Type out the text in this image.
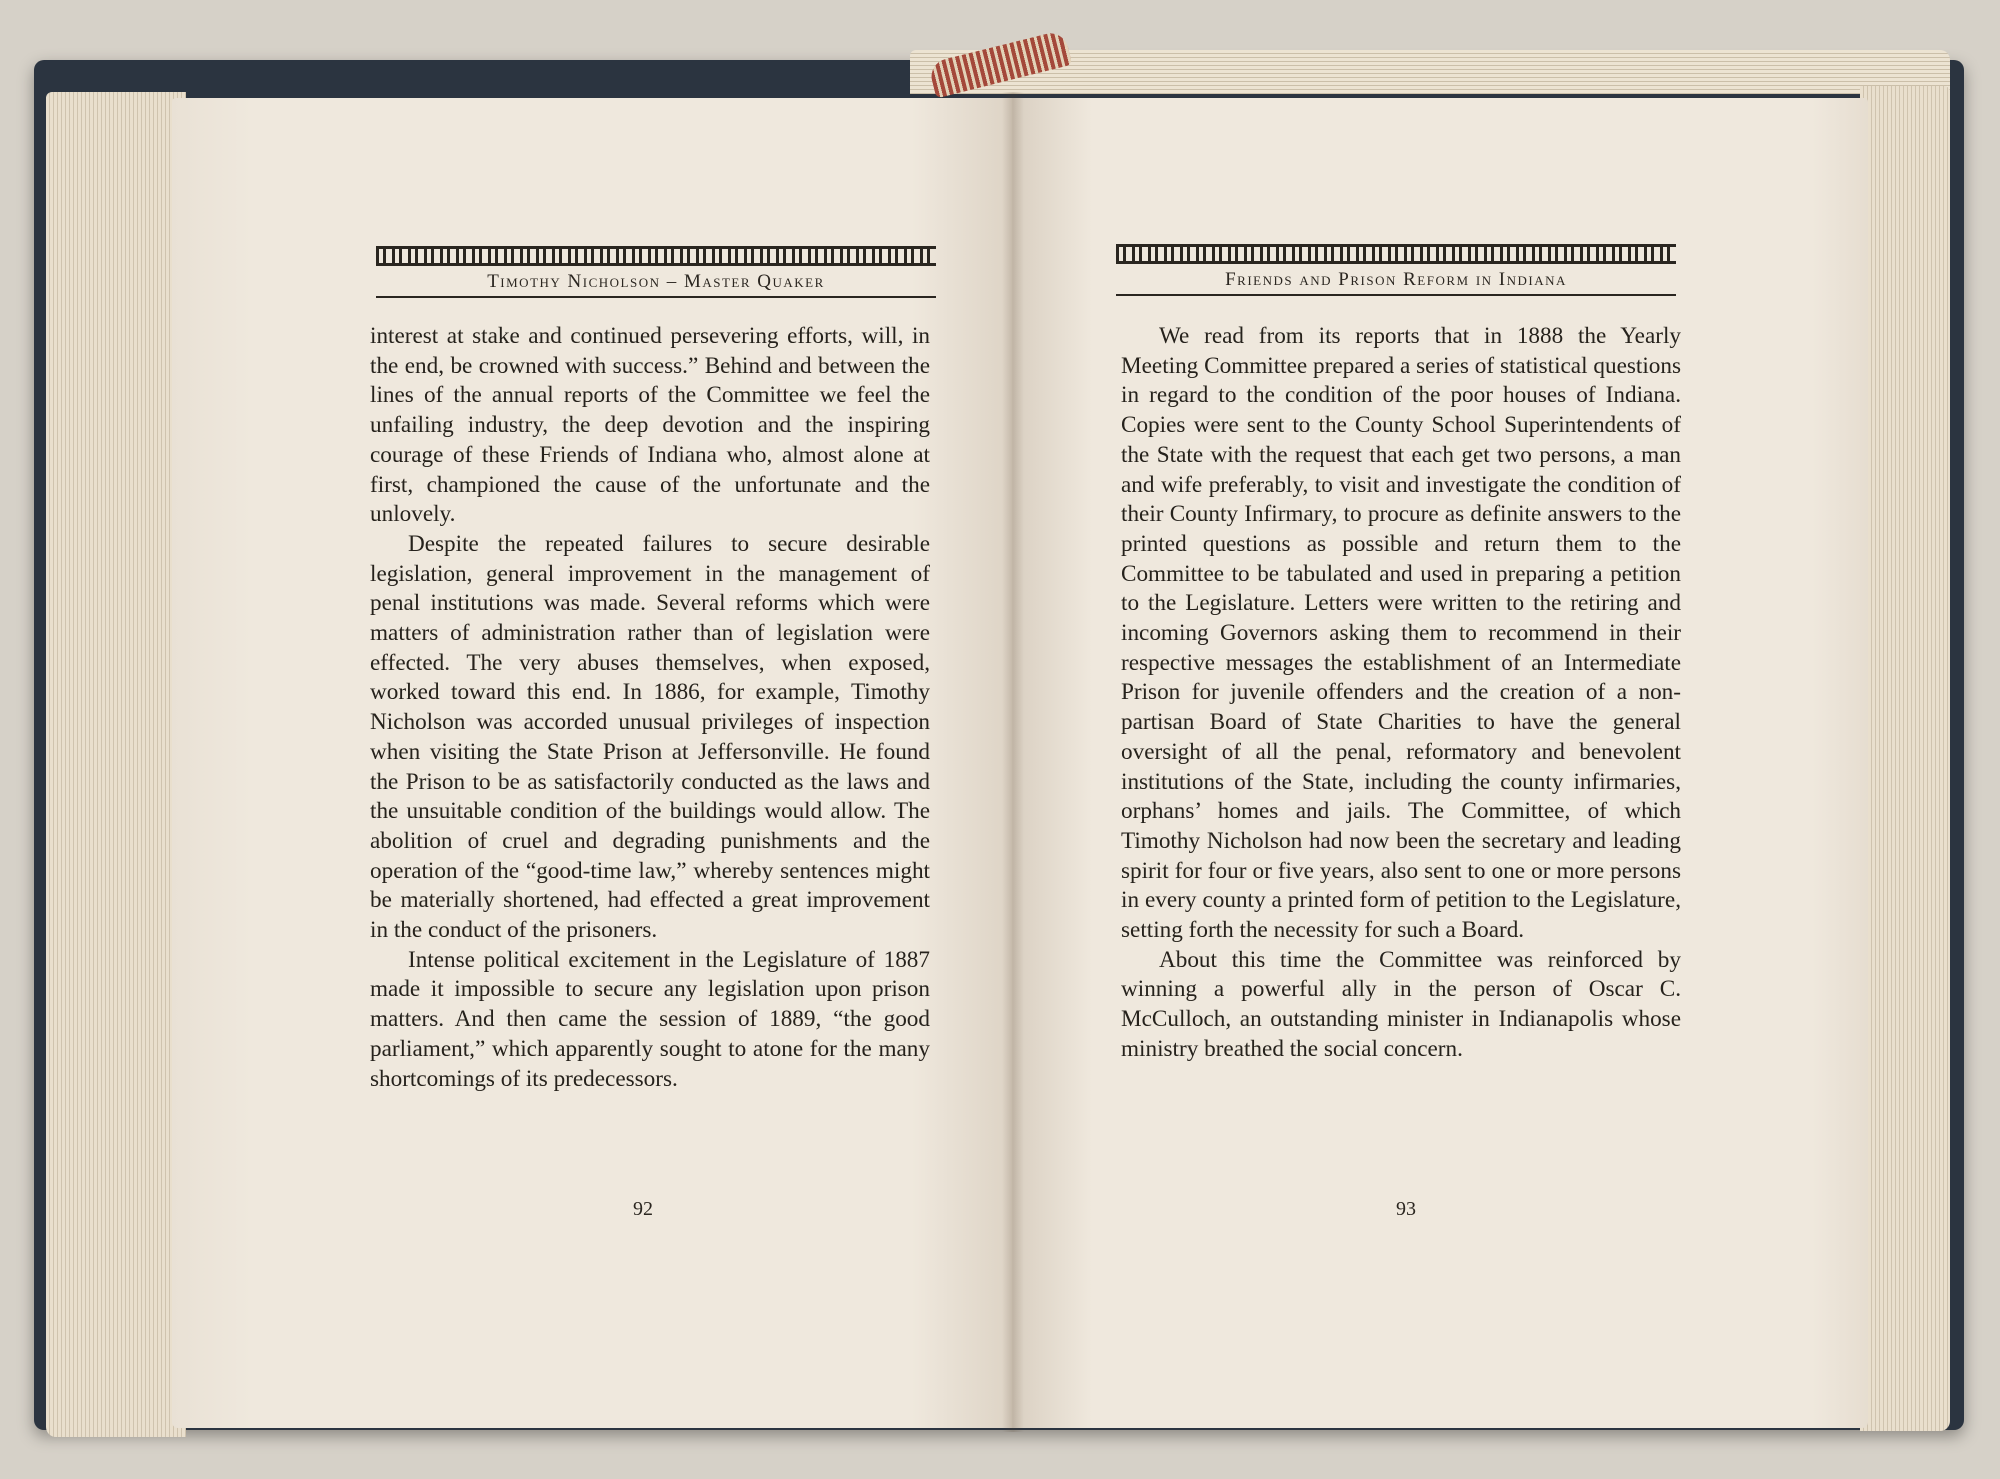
Timothy Nicholson – Master Quaker

interest at stake and continued persevering efforts, will, in the end, be crowned with success.” Behind and between the lines of the annual reports of the Committee we feel the unfailing industry, the deep devotion and the inspiring courage of these Friends of Indiana who, almost alone at first, championed the cause of the unfortunate and the unlovely.

Despite the repeated failures to secure desirable legislation, general improvement in the management of penal institutions was made. Several reforms which were matters of administration rather than of legislation were effected. The very abuses themselves, when exposed, worked toward this end. In 1886, for example, Timothy Nicholson was accorded unusual privileges of inspection when visiting the State Prison at Jeffersonville. He found the Prison to be as satisfactorily conducted as the laws and the unsuitable condition of the buildings would allow. The abolition of cruel and degrading punishments and the operation of the “good-time law,” whereby sentences might be materially shortened, had effected a great improvement in the conduct of the prisoners.

Intense political excitement in the Legislature of 1887 made it impossible to secure any legislation upon prison matters. And then came the session of 1889, “the good parliament,” which apparently sought to atone for the many shortcomings of its predecessors.

92
Friends and Prison Reform in Indiana

We read from its reports that in 1888 the Yearly Meeting Committee prepared a series of statistical questions in regard to the condition of the poor houses of Indiana. Copies were sent to the County School Superintendents of the State with the request that each get two persons, a man and wife preferably, to visit and investigate the condition of their County Infirmary, to procure as definite answers to the printed questions as possible and return them to the Committee to be tabulated and used in preparing a petition to the Legislature. Letters were written to the retiring and incoming Governors asking them to recommend in their respective messages the establishment of an Intermediate Prison for juvenile offenders and the creation of a non-partisan Board of State Charities to have the general oversight of all the penal, reformatory and benevolent institutions of the State, including the county infirmaries, orphans’ homes and jails. The Committee, of which Timothy Nicholson had now been the secretary and leading spirit for four or five years, also sent to one or more persons in every county a printed form of petition to the Legislature, setting forth the necessity for such a Board.

About this time the Committee was reinforced by winning a powerful ally in the person of Oscar C. McCulloch, an outstanding minister in Indianapolis whose ministry breathed the social concern.

93
